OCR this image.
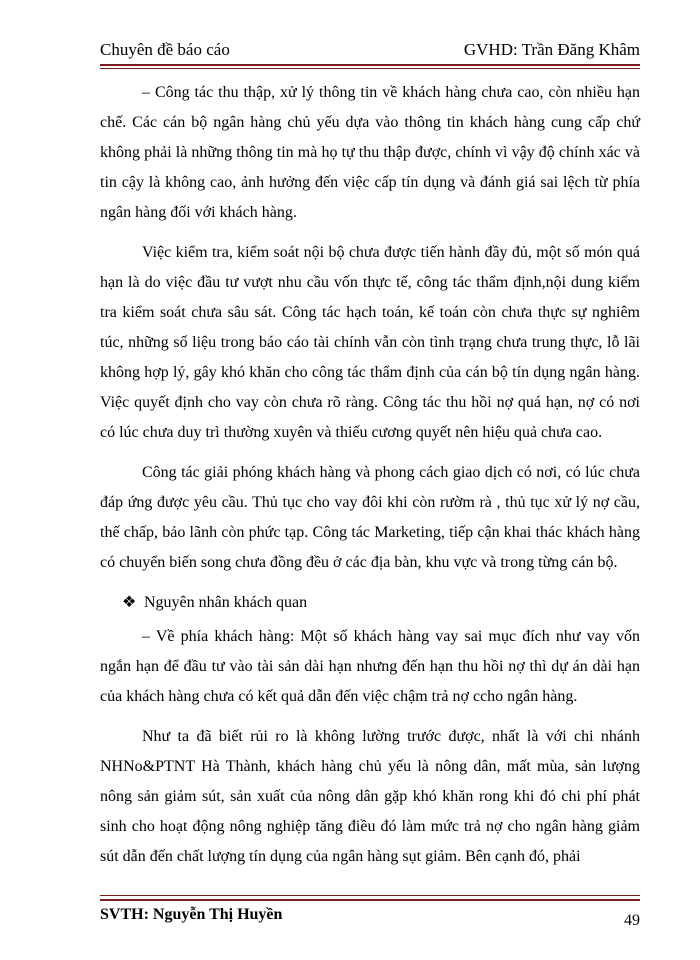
Chuyên đề báo cáo	GVHD: Trần Đăng Khâm

– Công tác thu thập, xử lý thông tin về khách hàng chưa cao, còn nhiều hạn chế. Các cán bộ ngân hàng chủ yếu dựa vào thông tin khách hàng cung cấp chứ không phải là những thông tin mà họ tự thu thập được, chính vì vậy độ chính xác và tin cậy là không cao, ảnh hưởng đến việc cấp tín dụng và đánh giá sai lệch từ phía ngân hàng đối với khách hàng.

Việc kiểm tra, kiểm soát nội bộ chưa được tiến hành đầy đủ, một số món quá hạn là do việc đầu tư vượt nhu cầu vốn thực tế, công tác thẩm định,nội dung kiểm tra kiểm soát chưa sâu sát. Công tác hạch toán, kế toán còn chưa thực sự nghiêm túc, những số liệu trong báo cáo tài chính vẫn còn tình trạng chưa trung thực, lỗ lãi không hợp lý, gây khó khăn cho công tác thẩm định của cán bộ tín dụng ngân hàng. Việc quyết định cho vay còn chưa rõ ràng. Công tác thu hồi nợ quá hạn, nợ có nơi có lúc chưa duy trì thường xuyên và thiếu cương quyết nên hiệu quả chưa cao.

Công tác giải phóng khách hàng và phong cách giao dịch có nơi, có lúc chưa đáp ứng được yêu cầu. Thủ tục cho vay đôi khi còn rườm rà , thủ tục xử lý nợ cầu, thế chấp, bảo lãnh còn phức tạp. Công tác Marketing, tiếp cận khai thác khách hàng có chuyển biến song chưa đồng đều ở các địa bàn, khu vực và trong từng cán bộ.

❖ Nguyên nhân khách quan

– Về phía khách hàng: Một số khách hàng vay sai mục đích như vay vốn ngắn hạn để đầu tư vào tài sản dài hạn nhưng đến hạn thu hồi nợ thì dự án dài hạn của khách hàng chưa có kết quả dẫn đến việc chậm trả nợ ccho ngân hàng.

Như ta đã biết rủi ro là không lường trước được, nhất là với chi nhánh NHNo&PTNT Hà Thành, khách hàng chủ yếu là nông dân, mất mùa, sản lượng nông sản giảm sút, sản xuất của nông dân gặp khó khăn rong khi đó chi phí phát sinh cho hoạt động nông nghiệp tăng điều đó làm mức trả nợ cho ngân hàng giảm sút dẫn đến chất lượng tín dụng của ngân hàng sụt giảm. Bên cạnh đó, phải

SVTH: Nguyễn Thị Huyền	49
